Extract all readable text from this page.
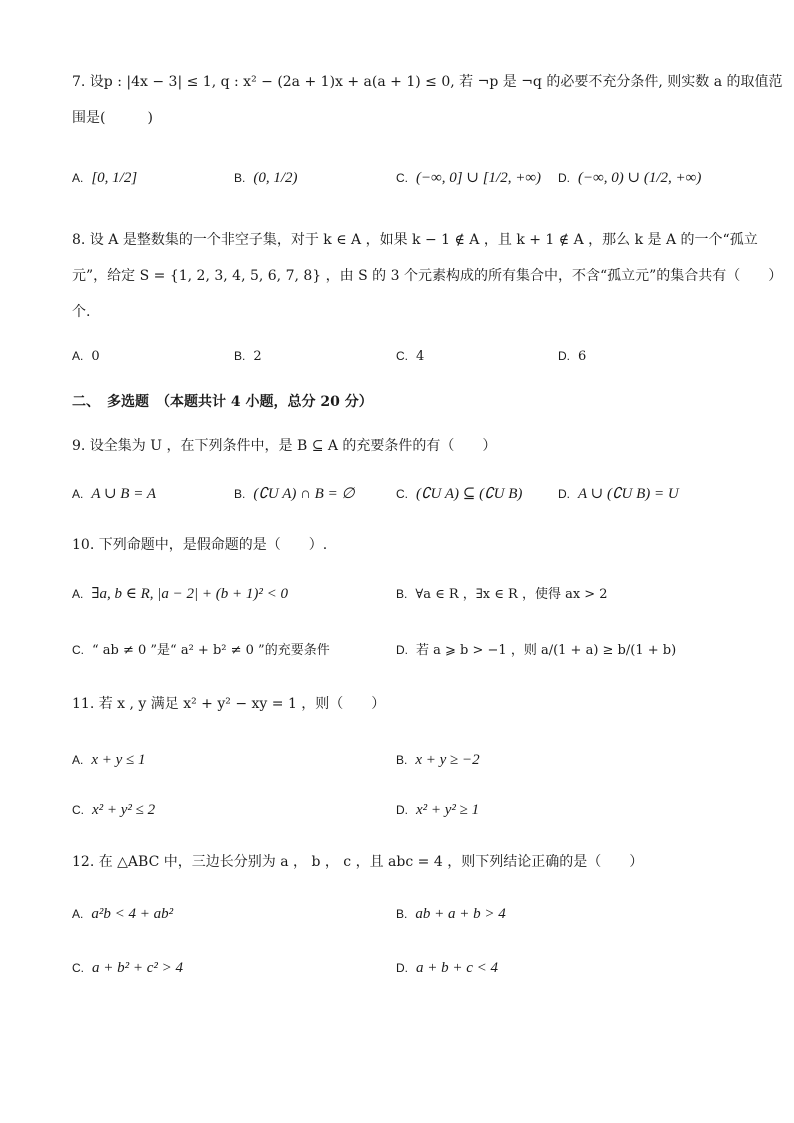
7. 设p : |4x − 3| ≤ 1, q : x² − (2a + 1)x + a(a + 1) ≤ 0, 若 ¬p 是 ¬q 的必要不充分条件, 则实数 a 的取值范
围是(　　　)
A. [0, 1/2]	B. (0, 1/2)	C. (−∞, 0] ∪ [1/2, +∞) D. (−∞, 0) ∪ (1/2, +∞)
8. 设 A 是整数集的一个非空子集，对于 k ∈ A ，如果 k − 1 ∉ A ，且 k + 1 ∉ A ，那么 k 是 A 的一个“孤立
元”，给定 S = {1, 2, 3, 4, 5, 6, 7, 8} ，由 S 的 3 个元素构成的所有集合中，不含“孤立元”的集合共有（　　）
个.
A. 0	B. 2	C. 4	D. 6
二、　多选题　（本题共计 4 小题，总分 20 分）
9. 设全集为 U ，在下列条件中，是 B ⊆ A 的充要条件的有（　　）
A. A ∪ B = A	B. (∁U A) ∩ B = ∅	C. (∁U A) ⊆ (∁U B)	D. A ∪ (∁U B) = U
10. 下列命题中，是假命题的是（　　）.
A. ∃a, b ∈ R, |a − 2| + (b + 1)² < 0	B. ∀a ∈ R ，∃x ∈ R ，使得 ax > 2
C. “ ab ≠ 0 ”是“ a² + b² ≠ 0 ”的充要条件	D. 若 a ⩾ b > −1 ，则 a/(1 + a) ≥ b/(1 + b)
11. 若 x , y 满足 x² + y² − xy = 1 ，则（　　）
A. x + y ≤ 1	B. x + y ≥ −2
C. x² + y² ≤ 2	D. x² + y² ≥ 1
12. 在 △ABC 中，三边长分别为 a ， b ， c ，且 abc = 4 ，则下列结论正确的是（　　）
A. a²b < 4 + ab²	B. ab + a + b > 4
C. a + b² + c² > 4	D. a + b + c < 4
